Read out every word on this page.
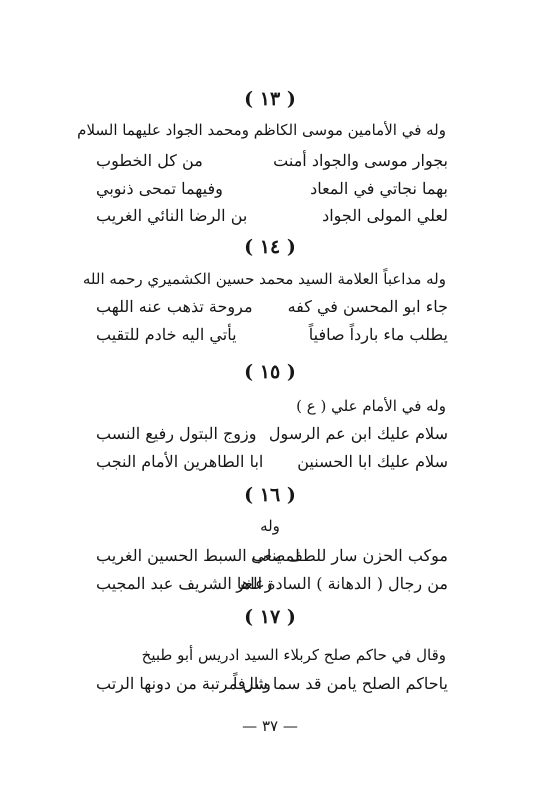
( ١٣ )
وله في الأمامين موسى الكاظم ومحمد الجواد عليهما السلام
بجوار موسى والجواد أمنت
من كل الخطوب
بهما نجاتي في المعاد
وفيهما تمحى ذنوبي
لعلي المولى الجواد
بن الرضا النائي الغريب
( ١٤ )
وله مداعباً العلامة السيد محمد حسين الكشميري رحمه الله
جاء ابو المحسن في كفه
مروحة تذهب عنه اللهب
يطلب ماء بارداً صافياً
يأتي اليه خادم للتقيب
( ١٥ )
وله في الأمام علي ( ع )
سلام عليك ابن عم الرسول
وزوج البتول رفيع النسب
سلام عليك ابا الحسنين
ابا الطاهرين الأمام النجب
( ١٦ )
وله
موكب الحزن سار للطف ينعى
لمصاب السبط الحسين الغريب
من رجال ( الدهانة ) السادة الغر
رعاها الشريف عبد المجيب
( ١٧ )
وقال في حاكم صلح كربلاء السيد ادريس أبو طبيخ
ياحاكم الصلح يامن قد سما شرفاً
ونال مرتبة من دونها الرتب
— ٣٧ —
